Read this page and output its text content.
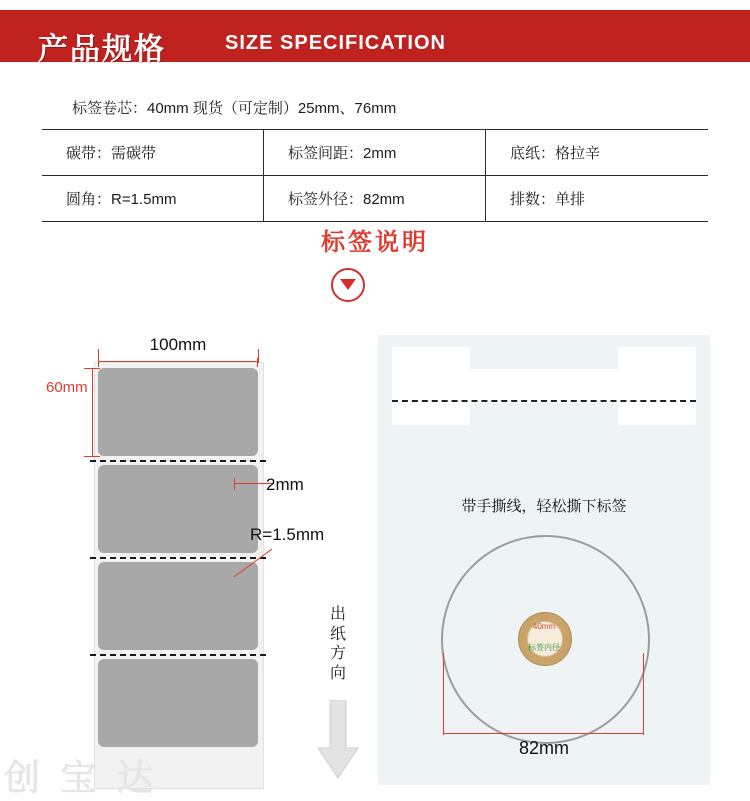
产品规格	SIZE SPECIFICATION
标签卷芯：40mm 现货（可定制）25mm、76mm
碳带：需碳带	标签间距：2mm	底纸：格拉辛
圆角：R=1.5mm	标签外径：82mm	排数：单排
标签说明
100mm
60mm
2mm
R=1.5mm
出纸方向
带手撕线，轻松撕下标签
40mm
标签内径
82mm
创 宝 达
